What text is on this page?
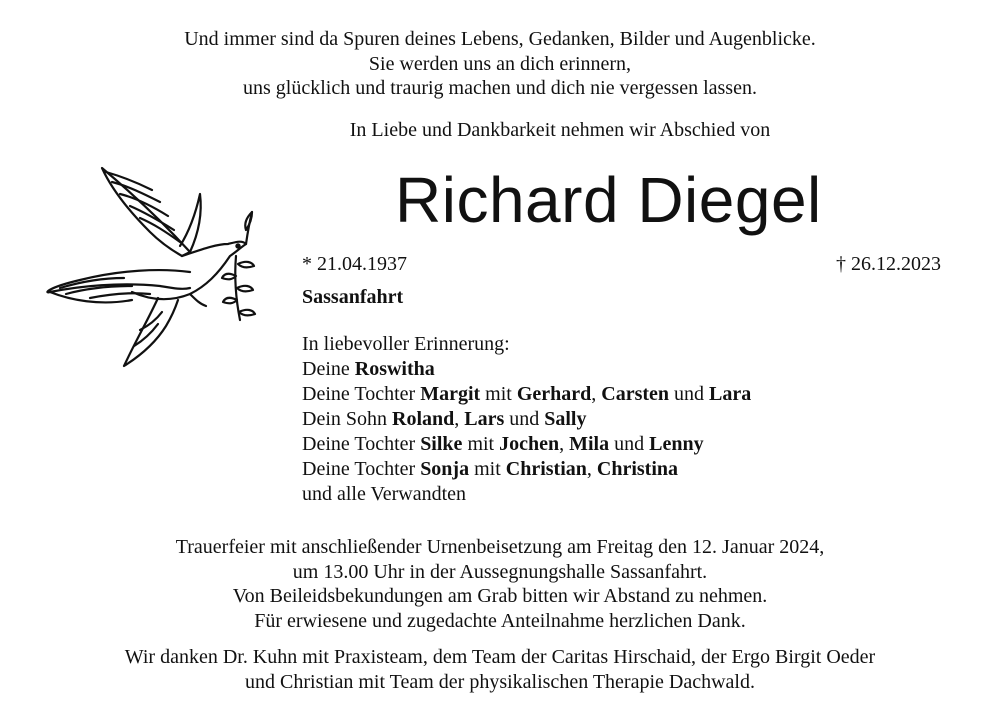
Und immer sind da Spuren deines Lebens, Gedanken, Bilder und Augenblicke.
Sie werden uns an dich erinnern,
uns glücklich und traurig machen und dich nie vergessen lassen.
In Liebe und Dankbarkeit nehmen wir Abschied von
Richard Diegel
* 21.04.1937	† 26.12.2023
Sassanfahrt
In liebevoller Erinnerung:
Deine Roswitha
Deine Tochter Margit mit Gerhard, Carsten und Lara
Dein Sohn Roland, Lars und Sally
Deine Tochter Silke mit Jochen, Mila und Lenny
Deine Tochter Sonja mit Christian, Christina
und alle Verwandten
Trauerfeier mit anschließender Urnenbeisetzung am Freitag den 12. Januar 2024,
um 13.00 Uhr in der Aussegnungshalle Sassanfahrt.
Von Beileidsbekundungen am Grab bitten wir Abstand zu nehmen.
Für erwiesene und zugedachte Anteilnahme herzlichen Dank.
Wir danken Dr. Kuhn mit Praxisteam, dem Team der Caritas Hirschaid, der Ergo Birgit Oeder
und Christian mit Team der physikalischen Therapie Dachwald.
